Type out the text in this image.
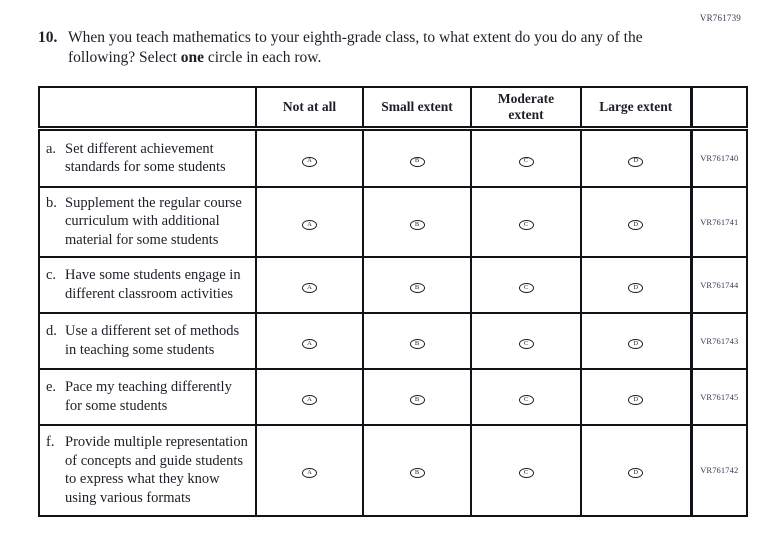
VR761739
10. When you teach mathematics to your eighth-grade class, to what extent do you do any of the following? Select one circle in each row.
	Not at all	Small extent	Moderate extent	Large extent	

a. Set different achievement standards for some students	A	B	C	D	VR761740

b. Supplement the regular course curriculum with additional material for some students	A	B	C	D	VR761741

c. Have some students engage in different classroom activities	A	B	C	D	VR761744

d. Use a different set of methods in teaching some students	A	B	C	D	VR761743

e. Pace my teaching differently for some students	A	B	C	D	VR761745

f. Provide multiple representation of concepts and guide students to express what they know using various formats	A	B	C	D	VR761742
